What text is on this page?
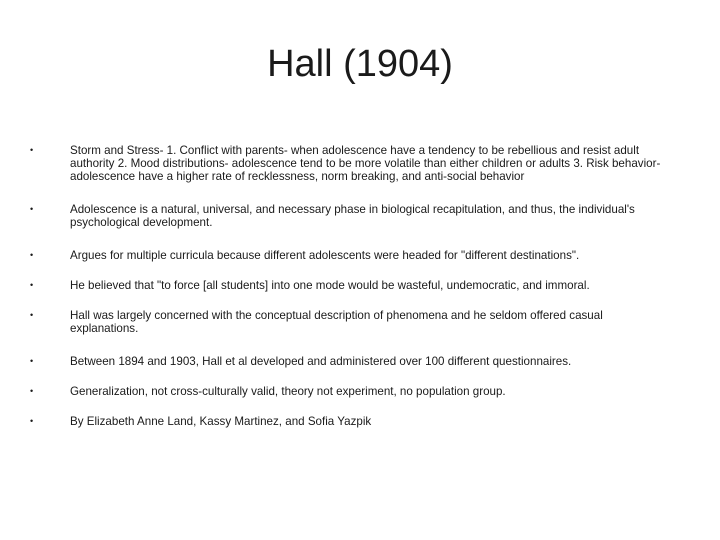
Hall (1904)
•	Storm and Stress- 1. Conflict with parents- when adolescence have a tendency to be rebellious and resist adult authority 2. Mood distributions- adolescence tend to be more volatile than either children or adults 3. Risk behavior- adolescence have a higher rate of recklessness, norm breaking, and anti-social behavior
•	Adolescence is a natural, universal, and necessary phase in biological recapitulation, and thus, the individual's psychological development.
•	Argues for multiple curricula because different adolescents were headed for "different destinations".
•	He believed that "to force [all students] into one mode would be wasteful, undemocratic, and immoral.
•	Hall was largely concerned with the conceptual description of phenomena and he seldom offered casual explanations.
•	Between 1894 and 1903, Hall et al developed and administered over 100 different questionnaires.
•	Generalization, not cross-culturally valid, theory not experiment, no population group.
•	By Elizabeth Anne Land, Kassy Martinez, and Sofia Yazpik
